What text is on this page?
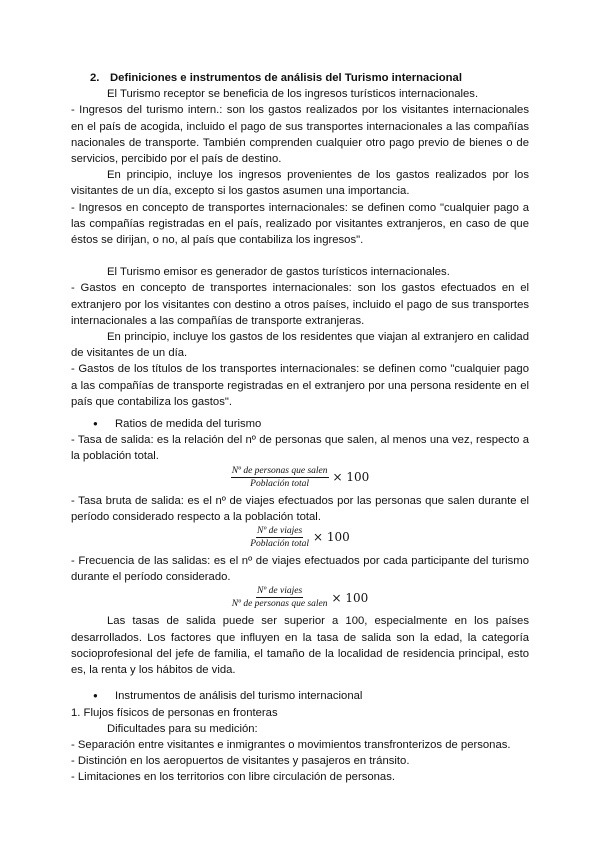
2. Definiciones e instrumentos de análisis del Turismo internacional

El Turismo receptor se beneficia de los ingresos turísticos internacionales.

- Ingresos del turismo intern.: son los gastos realizados por los visitantes internacionales en el país de acogida, incluido el pago de sus transportes internacionales a las compañías nacionales de transporte. También comprenden cualquier otro pago previo de bienes o de servicios, percibido por el país de destino.

En principio, incluye los ingresos provenientes de los gastos realizados por los visitantes de un día, excepto si los gastos asumen una importancia.

- Ingresos en concepto de transportes internacionales: se definen como "cualquier pago a las compañías registradas en el país, realizado por visitantes extranjeros, en caso de que éstos se dirijan, o no, al país que contabiliza los ingresos".

El Turismo emisor es generador de gastos turísticos internacionales.

- Gastos en concepto de transportes internacionales: son los gastos efectuados en el extranjero por los visitantes con destino a otros países, incluido el pago de sus transportes internacionales a las compañías de transporte extranjeras.

En principio, incluye los gastos de los residentes que viajan al extranjero en calidad de visitantes de un día.

- Gastos de los títulos de los transportes internacionales: se definen como "cualquier pago a las compañías de transporte registradas en el extranjero por una persona residente en el país que contabiliza los gastos".

● Ratios de medida del turismo

- Tasa de salida: es la relación del nº de personas que salen, al menos una vez, respecto a la población total.

$\frac{\text{Nº de personas que salen}}{\text{Población total}} \times 100$

- Tasa bruta de salida: es el nº de viajes efectuados por las personas que salen durante el período considerado respecto a la población total.

$\frac{\text{Nº de viajes}}{\text{Población total}} \times 100$

- Frecuencia de las salidas: es el nº de viajes efectuados por cada participante del turismo durante el período considerado.

$\frac{\text{Nº de viajes}}{\text{Nº de personas que salen}} \times 100$

Las tasas de salida puede ser superior a 100, especialmente en los países desarrollados. Los factores que influyen en la tasa de salida son la edad, la categoría socioprofesional del jefe de familia, el tamaño de la localidad de residencia principal, esto es, la renta y los hábitos de vida.

● Instrumentos de análisis del turismo internacional

1. Flujos físicos de personas en fronteras

Dificultades para su medición:

- Separación entre visitantes e inmigrantes o movimientos transfronterizos de personas.

- Distinción en los aeropuertos de visitantes y pasajeros en tránsito.

- Limitaciones en los territorios con libre circulación de personas.
